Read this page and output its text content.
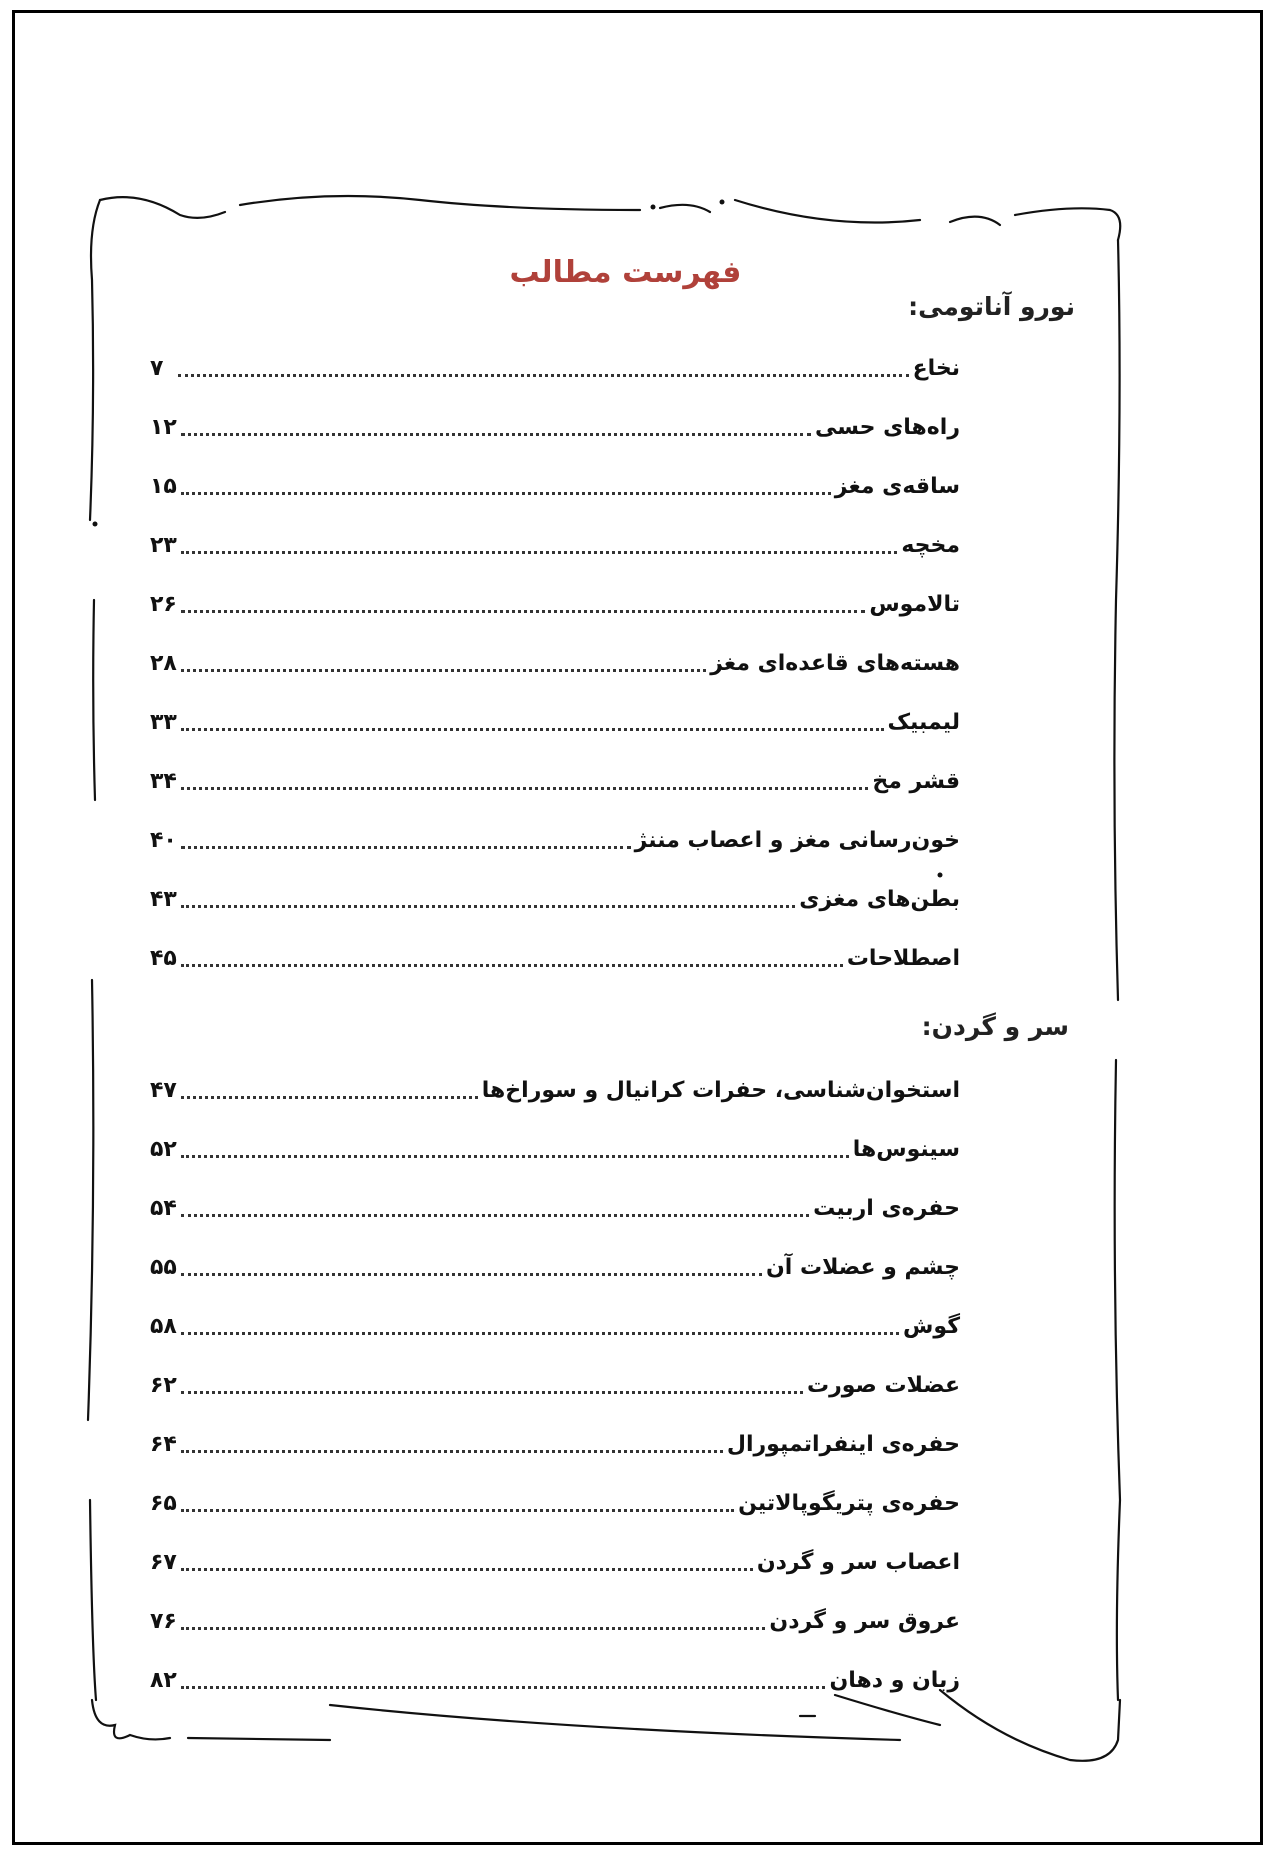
فهرست مطالب
نورو آناتومی:
نخاع
۷
راه‌های حسی
۱۲
ساقه‌ی مغز
۱۵
مخچه
۲۳
تالاموس
۲۶
هسته‌های قاعده‌ای مغز
۲۸
لیمبیک
۳۳
قشر مخ
۳۴
خون‌رسانی مغز و اعصاب مننژ
۴۰
بطن‌های مغزی
۴۳
اصطلاحات
۴۵
سر و گردن:
استخوان‌شناسی، حفرات کرانیال و سوراخ‌ها
۴۷
سینوس‌ها
۵۲
حفره‌ی اربیت
۵۴
چشم و عضلات آن
۵۵
گوش
۵۸
عضلات صورت
۶۲
حفره‌ی اینفراتمپورال
۶۴
حفره‌ی پتریگوپالاتین
۶۵
اعصاب سر و گردن
۶۷
عروق سر و گردن
۷۶
زبان و دهان
۸۲
